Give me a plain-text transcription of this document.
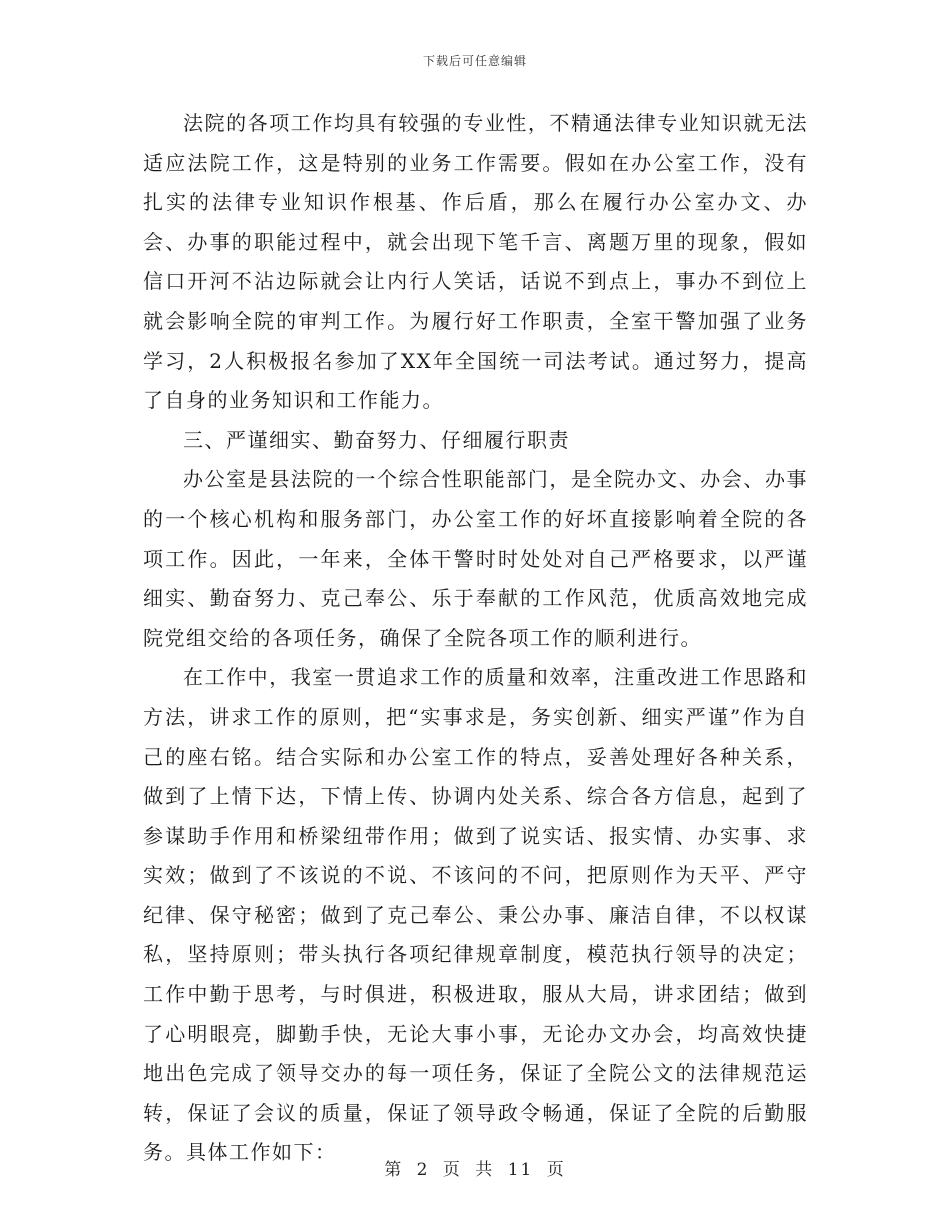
下载后可任意编辑

法院的各项工作均具有较强的专业性，不精通法律专业知识就无法适应法院工作，这是特别的业务工作需要。假如在办公室工作，没有扎实的法律专业知识作根基、作后盾，那么在履行办公室办文、办会、办事的职能过程中，就会出现下笔千言、离题万里的现象，假如信口开河不沾边际就会让内行人笑话，话说不到点上，事办不到位上就会影响全院的审判工作。为履行好工作职责，全室干警加强了业务学习，2人积极报名参加了XX年全国统一司法考试。通过努力，提高了自身的业务知识和工作能力。

三、严谨细实、勤奋努力、仔细履行职责

办公室是县法院的一个综合性职能部门，是全院办文、办会、办事的一个核心机构和服务部门，办公室工作的好坏直接影响着全院的各项工作。因此，一年来，全体干警时时处处对自己严格要求，以严谨细实、勤奋努力、克己奉公、乐于奉献的工作风范，优质高效地完成院党组交给的各项任务，确保了全院各项工作的顺利进行。

在工作中，我室一贯追求工作的质量和效率，注重改进工作思路和方法，讲求工作的原则，把“实事求是，务实创新、细实严谨”作为自己的座右铭。结合实际和办公室工作的特点，妥善处理好各种关系，做到了上情下达，下情上传、协调内处关系、综合各方信息，起到了参谋助手作用和桥梁纽带作用；做到了说实话、报实情、办实事、求实效；做到了不该说的不说、不该问的不问，把原则作为天平、严守纪律、保守秘密；做到了克己奉公、秉公办事、廉洁自律，不以权谋私，坚持原则；带头执行各项纪律规章制度，模范执行领导的决定；工作中勤于思考，与时俱进，积极进取，服从大局，讲求团结；做到了心明眼亮，脚勤手快，无论大事小事，无论办文办会，均高效快捷地出色完成了领导交办的每一项任务，保证了全院公文的法律规范运转，保证了会议的质量，保证了领导政令畅通，保证了全院的后勤服务。具体工作如下：

第 2 页 共 11 页
